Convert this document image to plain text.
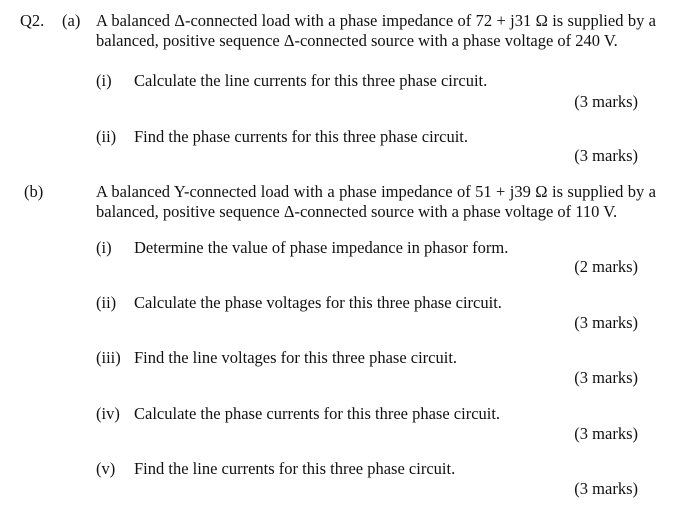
Q2. (a) A balanced Δ-connected load with a phase impedance of 72 + j31 Ω is supplied by a balanced, positive sequence Δ-connected source with a phase voltage of 240 V.
(i) Calculate the line currents for this three phase circuit.
(3 marks)
(ii) Find the phase currents for this three phase circuit.
(3 marks)
(b)	A balanced Y-connected load with a phase impedance of 51 + j39 Ω is supplied by a balanced, positive sequence Δ-connected source with a phase voltage of 110 V.
(i) Determine the value of phase impedance in phasor form.
(2 marks)
(ii) Calculate the phase voltages for this three phase circuit.
(3 marks)
(iii) Find the line voltages for this three phase circuit.
(3 marks)
(iv) Calculate the phase currents for this three phase circuit.
(3 marks)
(v) Find the line currents for this three phase circuit.
(3 marks)
